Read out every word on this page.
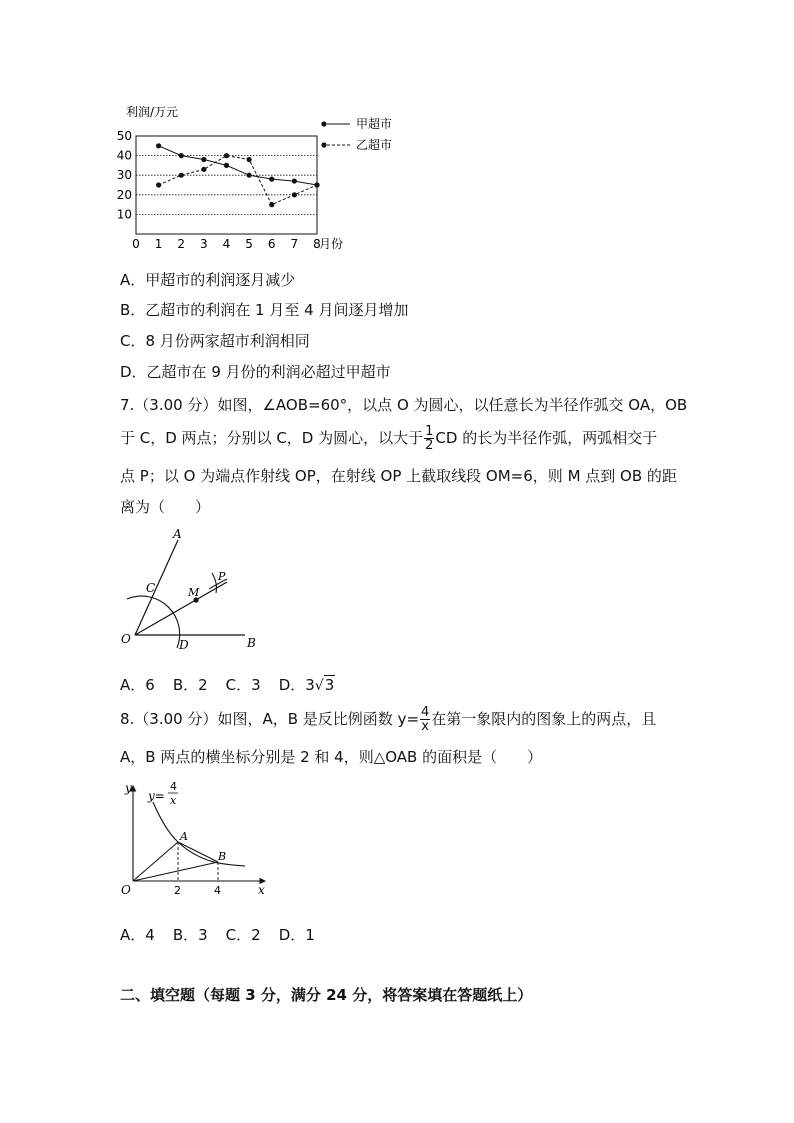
10
20
30
40
50
0 1 2 3 4 5 6 7 8
利润/万元
月份
甲超市
乙超市
A．甲超市的利润逐月减少
B．乙超市的利润在 1 月至 4 月间逐月增加
C．8 月份两家超市利润相同
D．乙超市在 9 月份的利润必超过甲超市
7.（3.00 分）如图，∠AOB=60°，以点 O 为圆心，以任意长为半径作弧交 OA，OB
于 C，D 两点；分别以 C，D 为圆心，以大于 $\frac{1}{2}$ CD 的长为半径作弧，两弧相交于
点 P；以 O 为端点作射线 OP，在射线 OP 上截取线段 OM=6，则 M 点到 OB 的距
离为（　　）
A
C	M
P
O	D	B
A．6 B．2 C．3 D．3√3
8.（3.00 分）如图，A，B 是反比例函数 $y= \frac{4}{x}$ 在第一象限内的图象上的两点，且
A，B 两点的横坐标分别是 2 和 4，则△OAB 的面积是（　　）
y
y=
4
x
A
B
O	2	4	x
A．4 B．3 C．2 D．1
二、填空题（每题 3 分，满分 24 分，将答案填在答题纸上）
